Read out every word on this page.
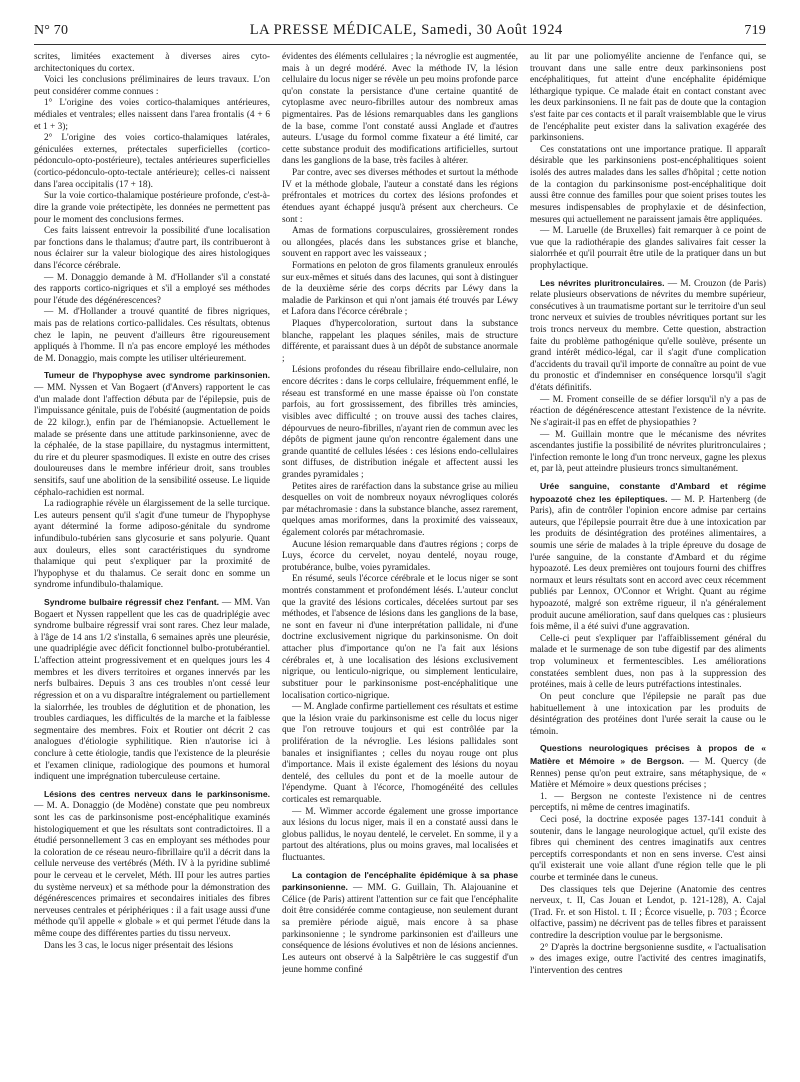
N° 70	LA PRESSE MÉDICALE, Samedi, 30 Août 1924	719

scrites, limitées exactement à diverses aires cyto-architectoniques du cortex.

Voici les conclusions préliminaires de leurs travaux. L'on peut considérer comme connues :

1° L'origine des voies cortico-thalamiques antérieures, médiales et ventrales; elles naissent dans l'area frontalis (4 + 6 et 1 + 3);

2° L'origine des voies cortico-thalamiques latérales, géniculées externes, prétectales superficielles (cortico-pédonculo-opto-postérieure), tectales antérieures superficielles (cortico-pédonculo-opto-tectale antérieure); celles-ci naissent dans l'area occipitalis (17 + 18).

Sur la voie cortico-thalamique postérieure profonde, c'est-à-dire la grande voie prétectipète, les données ne permettent pas pour le moment des conclusions fermes.

Ces faits laissent entrevoir la possibilité d'une localisation par fonctions dans le thalamus; d'autre part, ils contribueront à nous éclairer sur la valeur biologique des aires histologiques dans l'écorce cérébrale.

— M. Donaggio demande à M. d'Hollander s'il a constaté des rapports cortico-nigriques et s'il a employé ses méthodes pour l'étude des dégénérescences?

— M. d'Hollander a trouvé quantité de fibres nigriques, mais pas de relations cortico-pallidales. Ces résultats, obtenus chez le lapin, ne peuvent d'ailleurs être rigoureusement appliqués à l'homme. Il n'a pas encore employé les méthodes de M. Donaggio, mais compte les utiliser ultérieurement.

Tumeur de l'hypophyse avec syndrome parkinsonien. — MM. Nyssen et Van Bogaert (d'Anvers) rapportent le cas d'un malade dont l'affection débuta par de l'épilepsie, puis de l'impuissance génitale, puis de l'obésité (augmentation de poids de 22 kilogr.), enfin par de l'hémianopsie. Actuellement le malade se présente dans une attitude parkinsonienne, avec de la céphalée, de la stase papillaire, du nystagmus intermittent, du rire et du pleurer spasmodiques. Il existe en outre des crises douloureuses dans le membre inférieur droit, sans troubles sensitifs, sauf une abolition de la sensibilité osseuse. Le liquide céphalo-rachidien est normal.

La radiographie révèle un élargissement de la selle turcique. Les auteurs pensent qu'il s'agit d'une tumeur de l'hypophyse ayant déterminé la forme adiposo-génitale du syndrome infundibulo-tubérien sans glycosurie et sans polyurie. Quant aux douleurs, elles sont caractéristiques du syndrome thalamique qui peut s'expliquer par la proximité de l'hypophyse et du thalamus. Ce serait donc en somme un syndrome infundibulo-thalamique.

Syndrome bulbaire régressif chez l'enfant. — MM. Van Bogaert et Nyssen rappellent que les cas de quadriplégie avec syndrome bulbaire régressif vrai sont rares. Chez leur malade, à l'âge de 14 ans 1/2 s'installa, 6 semaines après une pleurésie, une quadriplégie avec déficit fonctionnel bulbo-protubérantiel. L'affection atteint progressivement et en quelques jours les 4 membres et les divers territoires et organes innervés par les nerfs bulbaires. Depuis 3 ans ces troubles n'ont cessé leur régression et on a vu disparaître intégralement ou partiellement la sialorrhée, les troubles de déglutition et de phonation, les troubles cardiaques, les difficultés de la marche et la faiblesse segmentaire des membres. Foix et Routier ont décrit 2 cas analogues d'étiologie syphilitique. Rien n'autorise ici à conclure à cette étiologie, tandis que l'existence de la pleurésie et l'examen clinique, radiologique des poumons et humoral indiquent une imprégnation tuberculeuse certaine.

Lésions des centres nerveux dans le parkinsonisme. — M. A. Donaggio (de Modène) constate que peu nombreux sont les cas de parkinsonisme post-encéphalitique examinés histologiquement et que les résultats sont contradictoires. Il a étudié personnellement 3 cas en employant ses méthodes pour la coloration de ce réseau neuro-fibrillaire qu'il a décrit dans la cellule nerveuse des vertébrés (Méth. IV à la pyridine sublimé pour le cerveau et le cervelet, Méth. III pour les autres parties du système nerveux) et sa méthode pour la démonstration des dégénérescences primaires et secondaires initiales des fibres nerveuses centrales et périphériques : il a fait usage aussi d'une méthode qu'il appelle « globale » et qui permet l'étude dans la même coupe des différentes parties du tissu nerveux.

Dans les 3 cas, le locus niger présentait des lésions

évidentes des éléments cellulaires ; la névroglie est augmentée, mais à un degré modéré. Avec la méthode IV, la lésion cellulaire du locus niger se révèle un peu moins profonde parce qu'on constate la persistance d'une certaine quantité de cytoplasme avec neuro-fibrilles autour des nombreux amas pigmentaires. Pas de lésions remarquables dans les ganglions de la base, comme l'ont constaté aussi Anglade et d'autres auteurs. L'usage du formol comme fixateur a été limité, car cette substance produit des modifications artificielles, surtout dans les ganglions de la base, très faciles à altérer.

Par contre, avec ses diverses méthodes et surtout la méthode IV et la méthode globale, l'auteur a constaté dans les régions préfrontales et motrices du cortex des lésions profondes et étendues ayant échappé jusqu'à présent aux chercheurs. Ce sont :

Amas de formations corpusculaires, grossièrement rondes ou allongées, placés dans les substances grise et blanche, souvent en rapport avec les vaisseaux ;

Formations en peloton de gros filaments granuleux enroulés sur eux-mêmes et situés dans des lacunes, qui sont à distinguer de la deuxième série des corps décrits par Léwy dans la maladie de Parkinson et qui n'ont jamais été trouvés par Léwy et Lafora dans l'écorce cérébrale ;

Plaques d'hypercoloration, surtout dans la substance blanche, rappelant les plaques séniles, mais de structure différente, et paraissant dues à un dépôt de substance anormale ;

Lésions profondes du réseau fibrillaire endo-cellulaire, non encore décrites : dans le corps cellulaire, fréquemment enflé, le réseau est transformé en une masse épaisse où l'on constate parfois, au fort grossissement, des fibrilles très amincies, visibles avec difficulté ; on trouve aussi des taches claires, dépourvues de neuro-fibrilles, n'ayant rien de commun avec les dépôts de pigment jaune qu'on rencontre également dans une grande quantité de cellules lésées : ces lésions endo-cellulaires sont diffuses, de distribution inégale et affectent aussi les grandes pyramidales ;

Petites aires de raréfaction dans la substance grise au milieu desquelles on voit de nombreux noyaux névrogliques colorés par métachromasie : dans la substance blanche, assez rarement, quelques amas moriformes, dans la proximité des vaisseaux, également colorés par métachromasie.

Aucune lésion remarquable dans d'autres régions ; corps de Luys, écorce du cervelet, noyau dentelé, noyau rouge, protubérance, bulbe, voies pyramidales.

En résumé, seuls l'écorce cérébrale et le locus niger se sont montrés constamment et profondément lésés. L'auteur conclut que la gravité des lésions corticales, décelées surtout par ses méthodes, et l'absence de lésions dans les ganglions de la base, ne sont en faveur ni d'une interprétation pallidale, ni d'une doctrine exclusivement nigrique du parkinsonisme. On doit attacher plus d'importance qu'on ne l'a fait aux lésions cérébrales et, à une localisation des lésions exclusivement nigrique, ou lenticulo-nigrique, ou simplement lenticulaire, substituer pour le parkinsonisme post-encéphalitique une localisation cortico-nigrique.

— M. Anglade confirme partiellement ces résultats et estime que la lésion vraie du parkinsonisme est celle du locus niger que l'on retrouve toujours et qui est contrôlée par la prolifération de la névroglie. Les lésions pallidales sont banales et insignifiantes ; celles du noyau rouge ont plus d'importance. Mais il existe également des lésions du noyau dentelé, des cellules du pont et de la moelle autour de l'épendyme. Quant à l'écorce, l'homogénéité des cellules corticales est remarquable.

— M. Wimmer accorde également une grosse importance aux lésions du locus niger, mais il en a constaté aussi dans le globus pallidus, le noyau dentelé, le cervelet. En somme, il y a partout des altérations, plus ou moins graves, mal localisées et fluctuantes.

La contagion de l'encéphalite épidémique à sa phase parkinsonienne. — MM. G. Guillain, Th. Alajouanine et Célice (de Paris) attirent l'attention sur ce fait que l'encéphalite doit être considérée comme contagieuse, non seulement durant sa première période aiguë, mais encore à sa phase parkinsonienne ; le syndrome parkinsonien est d'ailleurs une conséquence de lésions évolutives et non de lésions anciennes. Les auteurs ont observé à la Salpêtrière le cas suggestif d'un jeune homme confiné

au lit par une poliomyélite ancienne de l'enfance qui, se trouvant dans une salle entre deux parkinsoniens post encéphalitiques, fut atteint d'une encéphalite épidémique léthargique typique. Ce malade était en contact constant avec les deux parkinsoniens. Il ne fait pas de doute que la contagion s'est faite par ces contacts et il paraît vraisemblable que le virus de l'encéphalite peut exister dans la salivation exagérée des parkinsoniens.

Ces constatations ont une importance pratique. Il apparaît désirable que les parkinsoniens post-encéphalitiques soient isolés des autres malades dans les salles d'hôpital ; cette notion de la contagion du parkinsonisme post-encéphalitique doit aussi être connue des familles pour que soient prises toutes les mesures indispensables de prophylaxie et de désinfection, mesures qui actuellement ne paraissent jamais être appliquées.

— M. Laruelle (de Bruxelles) fait remarquer à ce point de vue que la radiothérapie des glandes salivaires fait cesser la sialorrhée et qu'il pourrait être utile de la pratiquer dans un but prophylactique.

Les névrites pluritronculaires. — M. Crouzon (de Paris) relate plusieurs observations de névrites du membre supérieur, consécutives à un traumatisme portant sur le territoire d'un seul tronc nerveux et suivies de troubles névritiques portant sur les trois troncs nerveux du membre. Cette question, abstraction faite du problème pathogénique qu'elle soulève, présente un grand intérêt médico-légal, car il s'agit d'une complication d'accidents du travail qu'il importe de connaître au point de vue du pronostic et d'indemniser en conséquence lorsqu'il s'agit d'états définitifs.

— M. Froment conseille de se défier lorsqu'il n'y a pas de réaction de dégénérescence attestant l'existence de la névrite. Ne s'agirait-il pas en effet de physiopathies ?

— M. Guillain montre que le mécanisme des névrites ascendantes justifie la possibilité de névrites pluritronculaires ; l'infection remonte le long d'un tronc nerveux, gagne les plexus et, par là, peut atteindre plusieurs troncs simultanément.

Urée sanguine, constante d'Ambard et régime hypoazoté chez les épileptiques. — M. P. Hartenberg (de Paris), afin de contrôler l'opinion encore admise par certains auteurs, que l'épilepsie pourrait être due à une intoxication par les produits de désintégration des protéines alimentaires, a soumis une série de malades à la triple épreuve du dosage de l'urée sanguine, de la constante d'Ambard et du régime hypoazoté. Les deux premières ont toujours fourni des chiffres normaux et leurs résultats sont en accord avec ceux récemment publiés par Lennox, O'Connor et Wright. Quant au régime hypoazoté, malgré son extrême rigueur, il n'a généralement produit aucune amélioration, sauf dans quelques cas : plusieurs fois même, il a été suivi d'une aggravation.

Celle-ci peut s'expliquer par l'affaiblissement général du malade et le surmenage de son tube digestif par des aliments trop volumineux et fermentescibles. Les améliorations constatées semblent dues, non pas à la suppression des protéines, mais à celle de leurs putréfactions intestinales.

On peut conclure que l'épilepsie ne paraît pas due habituellement à une intoxication par les produits de désintégration des protéines dont l'urée serait la cause ou le témoin.

Questions neurologiques précises à propos de « Matière et Mémoire » de Bergson. — M. Quercy (de Rennes) pense qu'on peut extraire, sans métaphysique, de « Matière et Mémoire » deux questions précises ;

1. — Bergson ne conteste l'existence ni de centres perceptifs, ni même de centres imaginatifs.

Ceci posé, la doctrine exposée pages 137-141 conduit à soutenir, dans le langage neurologique actuel, qu'il existe des fibres qui cheminent des centres imaginatifs aux centres perceptifs correspondants et non en sens inverse. C'est ainsi qu'il existerait une voie allant d'une région telle que le pli courbe et terminée dans le cuneus.

Des classiques tels que Dejerine (Anatomie des centres nerveux, t. II, Cas Jouan et Lendot, p. 121-128), A. Cajal (Trad. Fr. et son Histol. t. II ; Écorce visuelle, p. 703 ; Écorce olfactive, passim) ne décrivent pas de telles fibres et paraissent contredire la description voulue par le bergsonisme.

2° D'après la doctrine bergsonienne susdite, « l'actualisation » des images exige, outre l'activité des centres imaginatifs, l'intervention des centres
